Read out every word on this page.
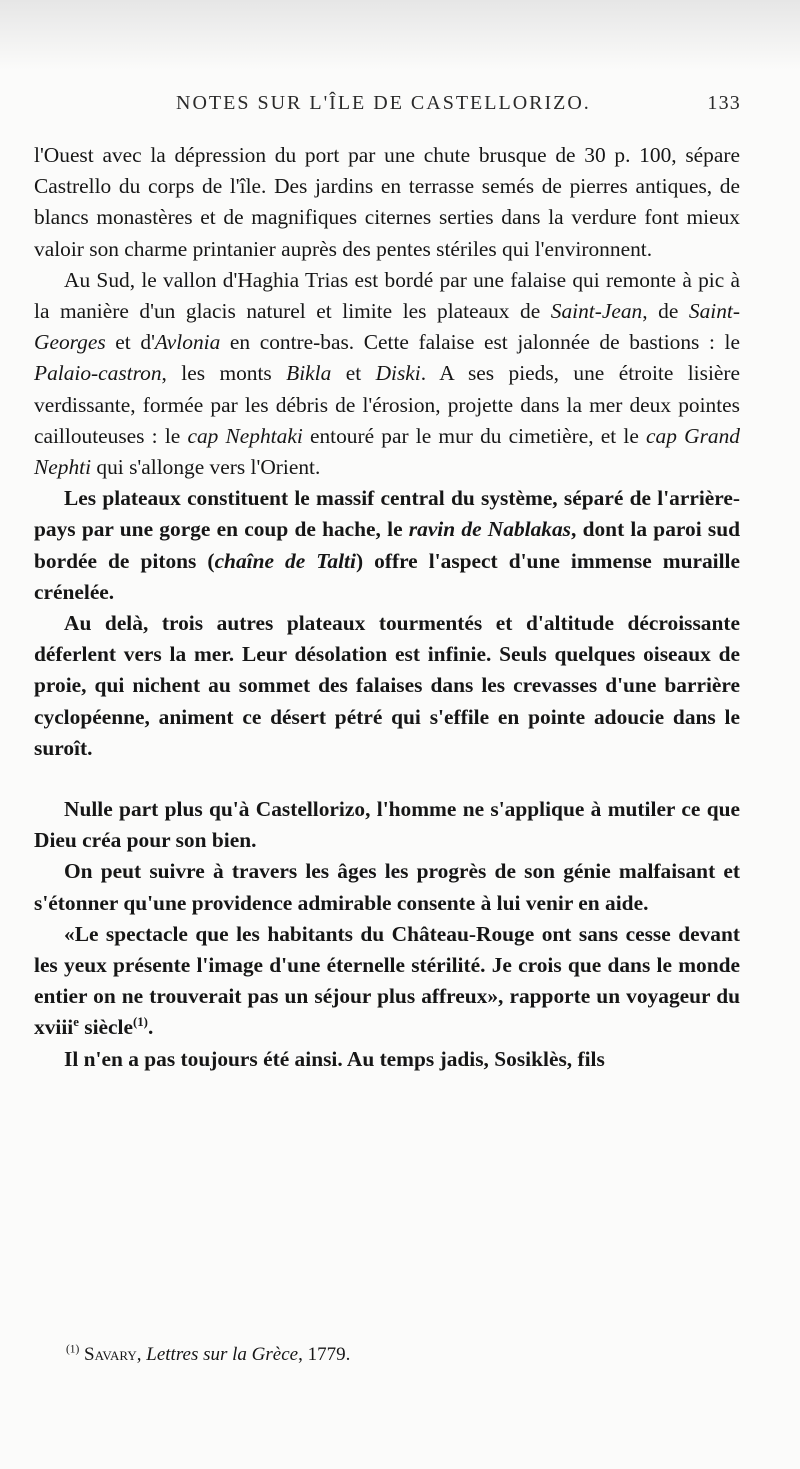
NOTES SUR L'ÎLE DE CASTELLORIZO.	133

l'Ouest avec la dépression du port par une chute brusque de 30 p. 100, sépare Castrello du corps de l'île. Des jardins en terrasse semés de pierres antiques, de blancs monastères et de magnifiques citernes serties dans la verdure font mieux valoir son charme printanier auprès des pentes stériles qui l'environnent.

Au Sud, le vallon d'Haghia Trias est bordé par une falaise qui remonte à pic à la manière d'un glacis naturel et limite les plateaux de Saint-Jean, de Saint-Georges et d'Avlonia en contre-bas. Cette falaise est jalonnée de bastions : le Palaio-castron, les monts Bikla et Diski. A ses pieds, une étroite lisière verdissante, formée par les débris de l'érosion, projette dans la mer deux pointes caillouteuses : le cap Nephtaki entouré par le mur du cimetière, et le cap Grand Nephti qui s'allonge vers l'Orient.

Les plateaux constituent le massif central du système, séparé de l'arrière-pays par une gorge en coup de hache, le ravin de Nablakas, dont la paroi sud bordée de pitons (chaîne de Talti) offre l'aspect d'une immense muraille crénelée.

Au delà, trois autres plateaux tourmentés et d'altitude décroissante déferlent vers la mer. Leur désolation est infinie. Seuls quelques oiseaux de proie, qui nichent au sommet des falaises dans les crevasses d'une barrière cyclopéenne, animent ce désert pétré qui s'effile en pointe adoucie dans le suroît.

Nulle part plus qu'à Castellorizo, l'homme ne s'applique à mutiler ce que Dieu créa pour son bien.

On peut suivre à travers les âges les progrès de son génie malfaisant et s'étonner qu'une providence admirable consente à lui venir en aide.

«Le spectacle que les habitants du Château-Rouge ont sans cesse devant les yeux présente l'image d'une éternelle stérilité. Je crois que dans le monde entier on ne trouverait pas un séjour plus affreux», rapporte un voyageur du xviii$^e$ siècle$^{(1)}$.

Il n'en a pas toujours été ainsi. Au temps jadis, Sosiklès, fils

$^{(1)}$ Savary, Lettres sur la Grèce, 1779.
